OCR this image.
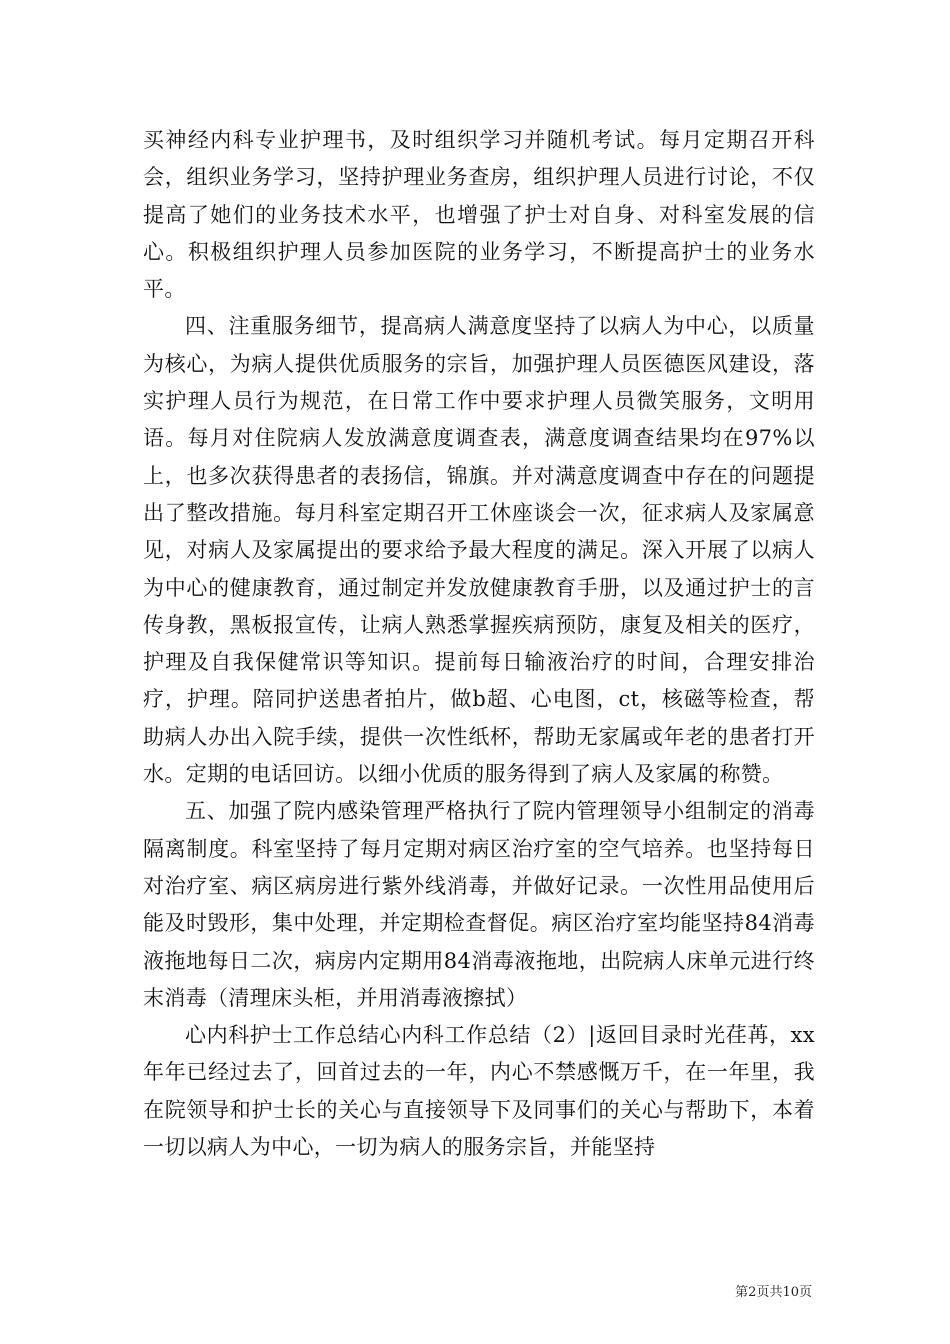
买神经内科专业护理书，及时组织学习并随机考试。每月定期召开科会，组织业务学习，坚持护理业务查房，组织护理人员进行讨论，不仅提高了她们的业务技术水平，也增强了护士对自身、对科室发展的信心。积极组织护理人员参加医院的业务学习，不断提高护士的业务水平。

四、注重服务细节，提高病人满意度坚持了以病人为中心，以质量为核心，为病人提供优质服务的宗旨，加强护理人员医德医风建设，落实护理人员行为规范，在日常工作中要求护理人员微笑服务，文明用语。每月对住院病人发放满意度调查表，满意度调查结果均在97%以上，也多次获得患者的表扬信，锦旗。并对满意度调查中存在的问题提出了整改措施。每月科室定期召开工休座谈会一次，征求病人及家属意见，对病人及家属提出的要求给予最大程度的满足。深入开展了以病人为中心的健康教育，通过制定并发放健康教育手册，以及通过护士的言传身教，黑板报宣传，让病人熟悉掌握疾病预防，康复及相关的医疗，护理及自我保健常识等知识。提前每日输液治疗的时间，合理安排治疗，护理。陪同护送患者拍片，做b超、心电图，ct，核磁等检查，帮助病人办出入院手续，提供一次性纸杯，帮助无家属或年老的患者打开水。定期的电话回访。以细小优质的服务得到了病人及家属的称赞。

五、加强了院内感染管理严格执行了院内管理领导小组制定的消毒隔离制度。科室坚持了每月定期对病区治疗室的空气培养。也坚持每日对治疗室、病区病房进行紫外线消毒，并做好记录。一次性用品使用后能及时毁形，集中处理，并定期检查督促。病区治疗室均能坚持84消毒液拖地每日二次，病房内定期用84消毒液拖地，出院病人床单元进行终末消毒（清理床头柜，并用消毒液擦拭）

心内科护士工作总结心内科工作总结（2）|返回目录时光荏苒，xx年年已经过去了，回首过去的一年，内心不禁感慨万千，在一年里，我在院领导和护士长的关心与直接领导下及同事们的关心与帮助下，本着一切以病人为中心，一切为病人的服务宗旨，并能坚持

第2页共10页
